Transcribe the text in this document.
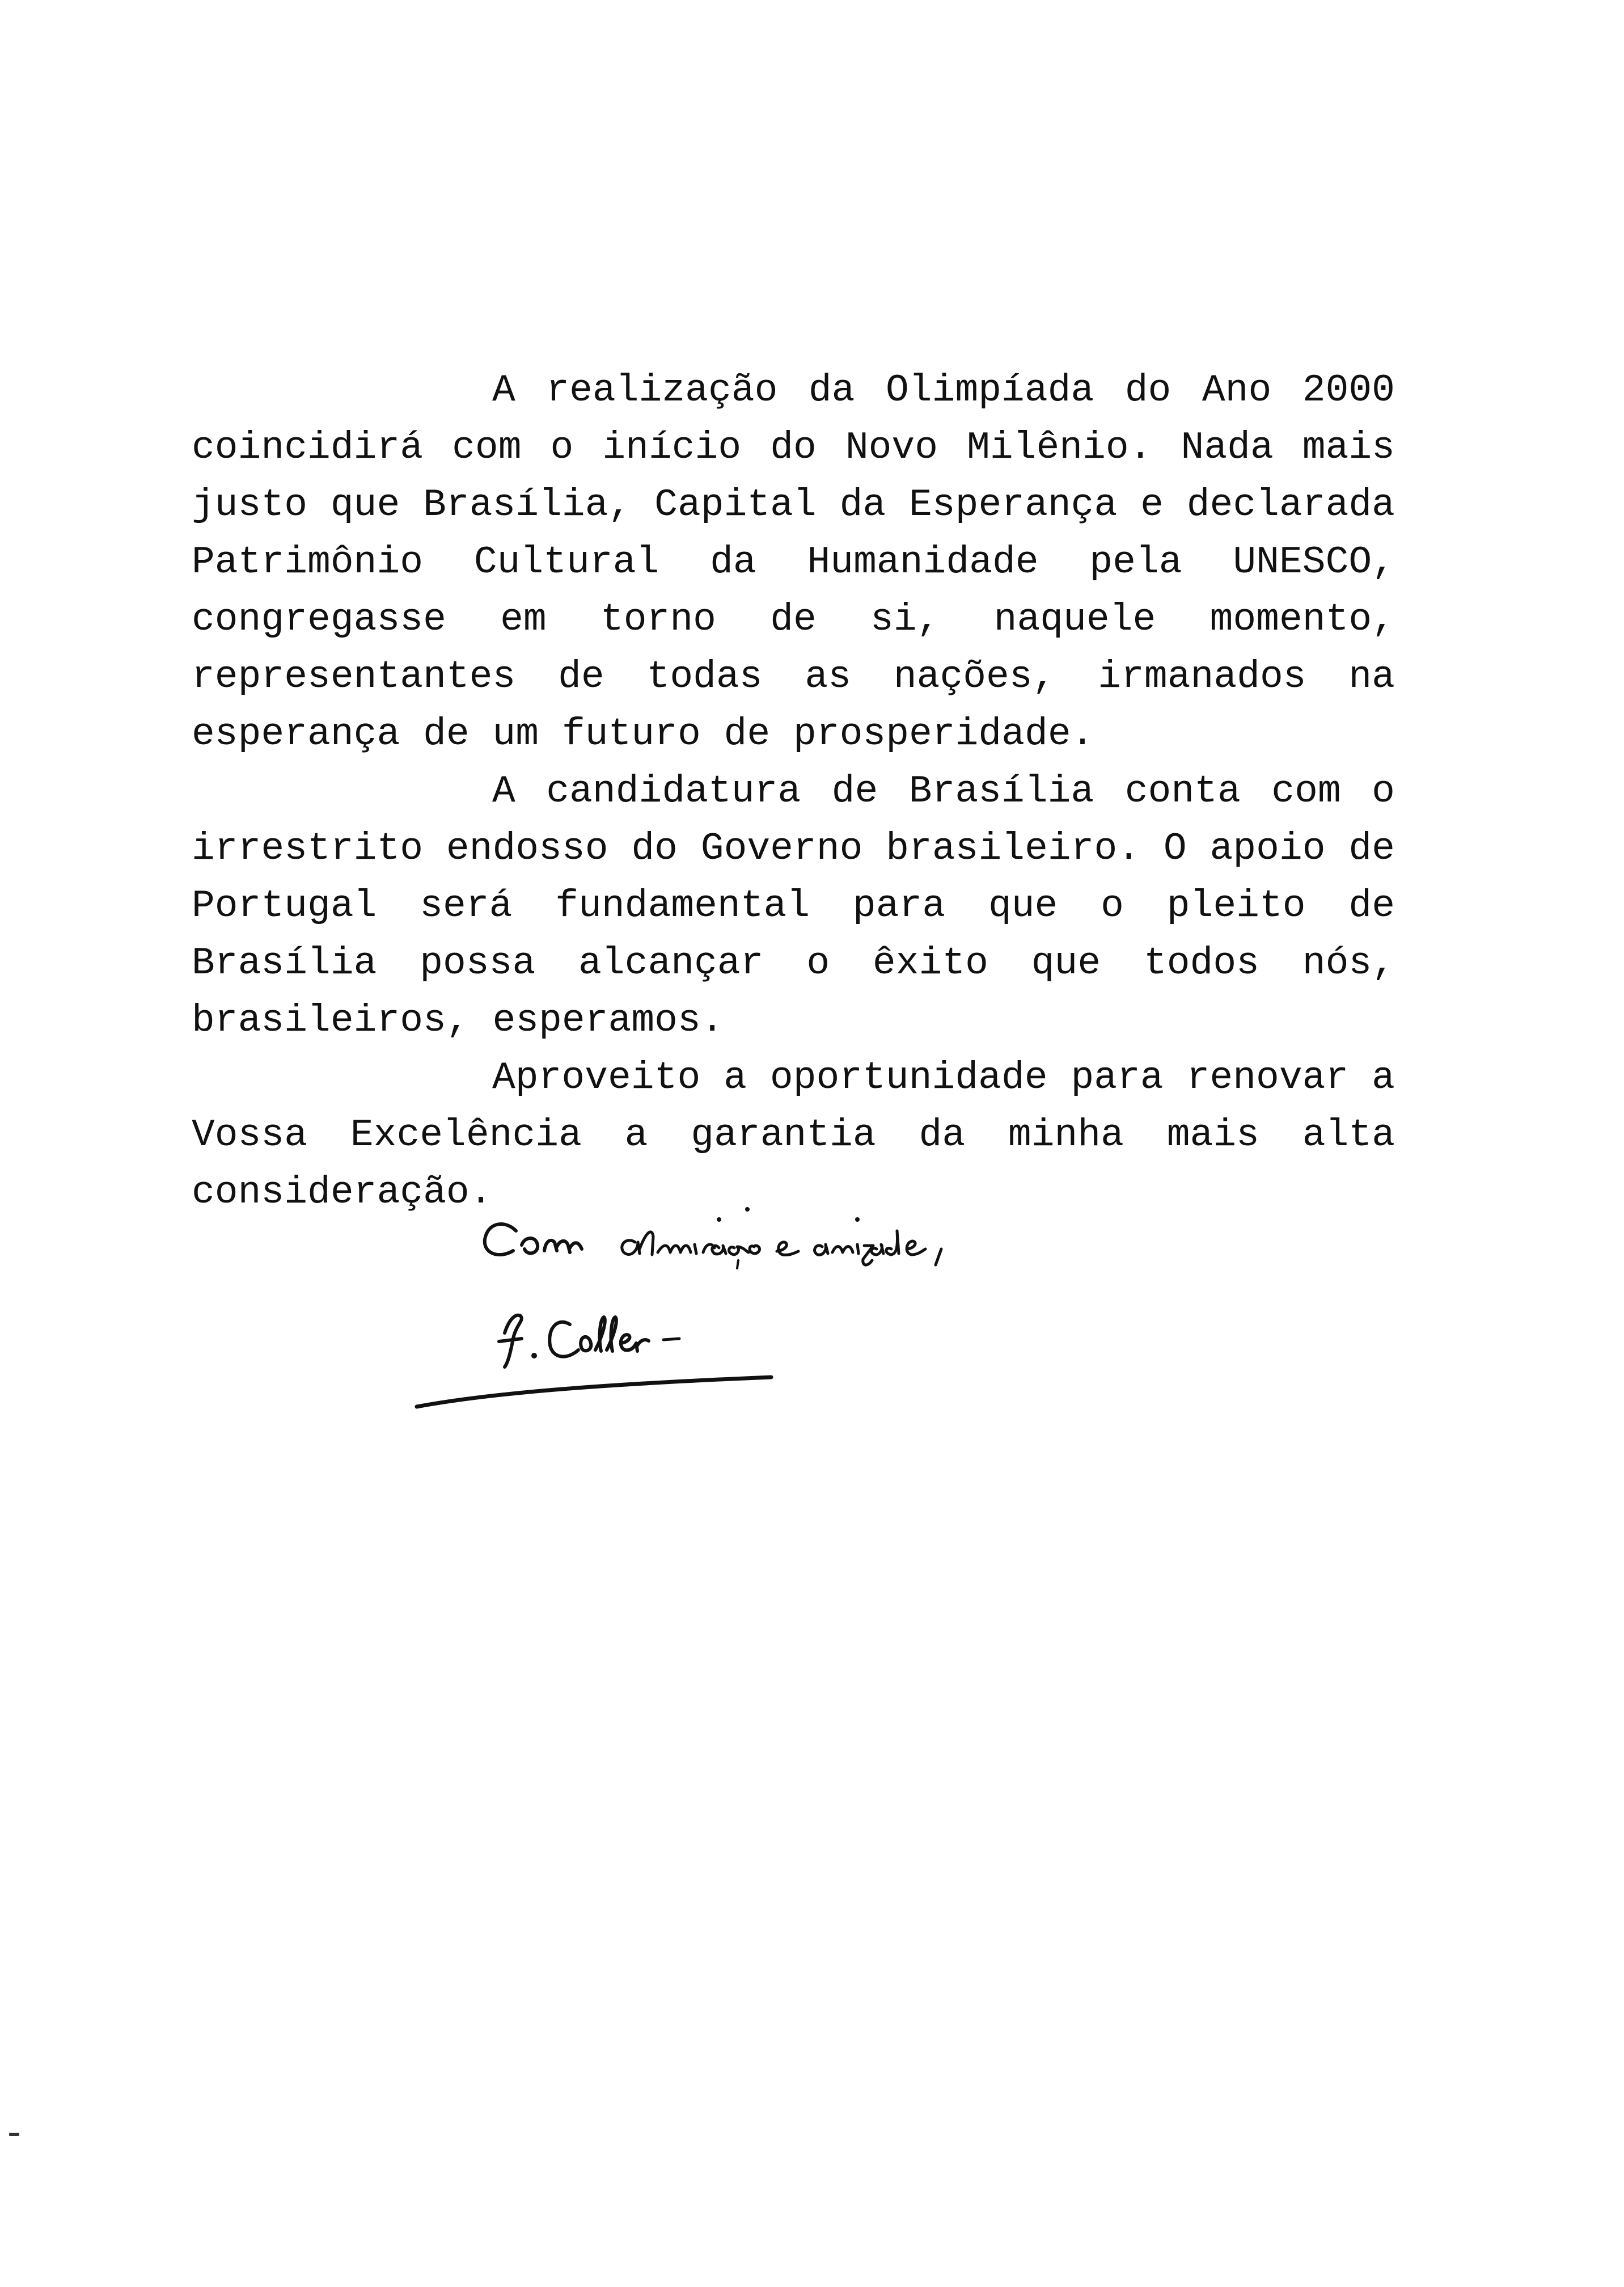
A realização da Olimpíada do Ano 2000
coincidirá com o início do Novo Milênio. Nada mais
justo que Brasília, Capital da Esperança e declarada
Patrimônio Cultural da Humanidade pela UNESCO,
congregasse em torno de si, naquele momento,
representantes de todas as nações, irmanados na
esperança de um futuro de prosperidade.
A candidatura de Brasília conta com o
irrestrito endosso do Governo brasileiro. O apoio de
Portugal será fundamental para que o pleito de
Brasília possa alcançar o êxito que todos nós,
brasileiros, esperamos.
Aproveito a oportunidade para renovar a
Vossa Excelência a garantia da minha mais alta
consideração.
